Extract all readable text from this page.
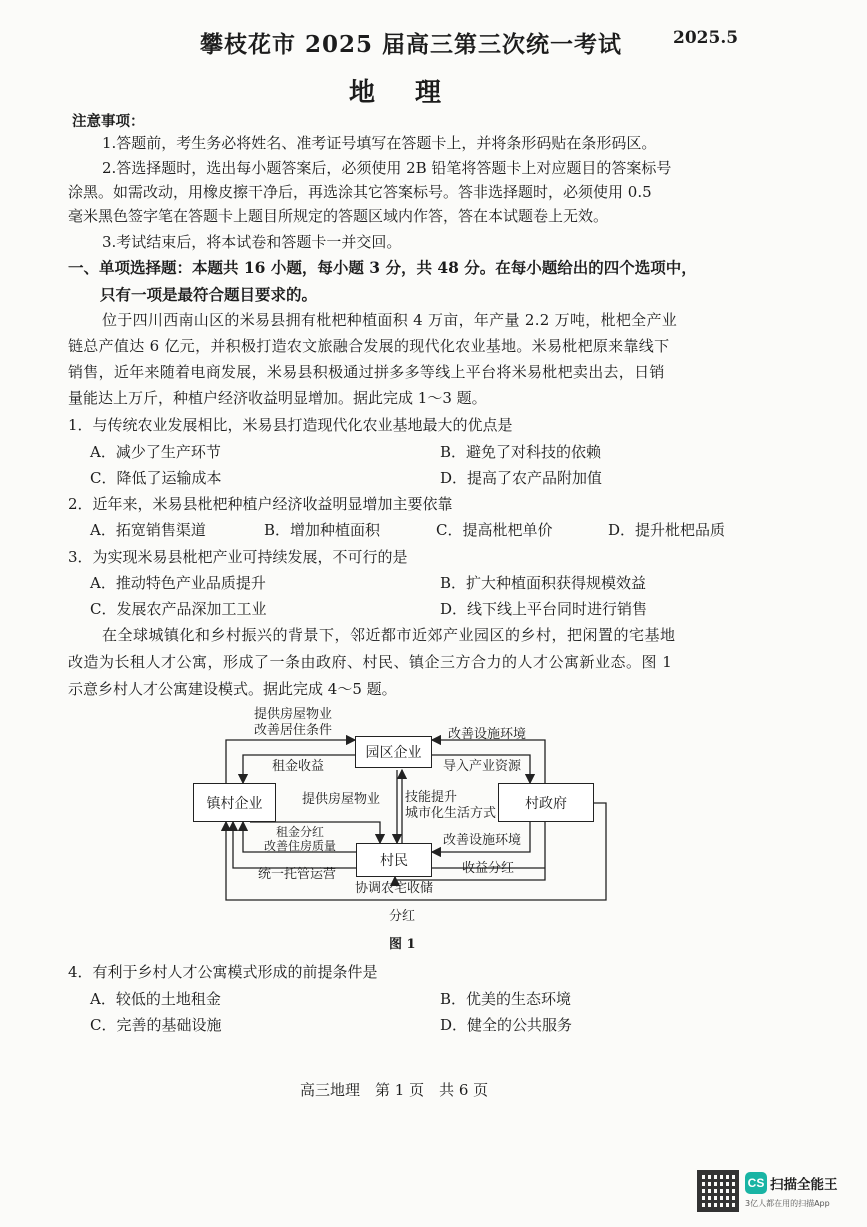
攀枝花市 2025 届高三第三次统一考试	2025.5
地理
注意事项：
1.答题前，考生务必将姓名、准考证号填写在答题卡上，并将条形码贴在条形码区。
2.答选择题时，选出每小题答案后，必须使用 2B 铅笔将答题卡上对应题目的答案标号
涂黑。如需改动，用橡皮擦干净后，再选涂其它答案标号。答非选择题时，必须使用 0.5
毫米黑色签字笔在答题卡上题目所规定的答题区域内作答，答在本试题卷上无效。
3.考试结束后，将本试卷和答题卡一并交回。
一、单项选择题：本题共 16 小题，每小题 3 分，共 48 分。在每小题给出的四个选项中，
只有一项是最符合题目要求的。
位于四川西南山区的米易县拥有枇杷种植面积 4 万亩，年产量 2.2 万吨，枇杷全产业
链总产值达 6 亿元，并积极打造农文旅融合发展的现代化农业基地。米易枇杷原来靠线下
销售，近年来随着电商发展，米易县积极通过拼多多等线上平台将米易枇杷卖出去，日销
量能达上万斤，种植户经济收益明显增加。据此完成 1～3 题。
1．与传统农业发展相比，米易县打造现代化农业基地最大的优点是
A．减少了生产环节	B．避免了对科技的依赖
C．降低了运输成本	D．提高了农产品附加值
2．近年来，米易县枇杷种植户经济收益明显增加主要依靠
A．拓宽销售渠道	B．增加种植面积	C．提高枇杷单价	D．提升枇杷品质
3．为实现米易县枇杷产业可持续发展，不可行的是
A．推动特色产业品质提升	B．扩大种植面积获得规模效益
C．发展农产品深加工工业	D．线下线上平台同时进行销售
在全球城镇化和乡村振兴的背景下，邻近都市近郊产业园区的乡村，把闲置的宅基地
改造为长租人才公寓，形成了一条由政府、村民、镇企三方合力的人才公寓新业态。图 1
示意乡村人才公寓建设模式。据此完成 4～5 题。
园区企业
镇村企业	村政府
村民
提供房屋物业
改善居住条件	改善设施环境
租金收益	导入产业资源
提供房屋物业 技能提升
城市化生活方式
租金分红
改善住房质量	改善设施环境
统一托管运营	收益分红
协调农宅收储
分红
图 1
4．有利于乡村人才公寓模式形成的前提条件是
A．较低的土地租金	B．优美的生态环境
C．完善的基础设施	D．健全的公共服务
高三地理　第 1 页　共 6 页
CS 扫描全能王
3亿人都在用的扫描App
